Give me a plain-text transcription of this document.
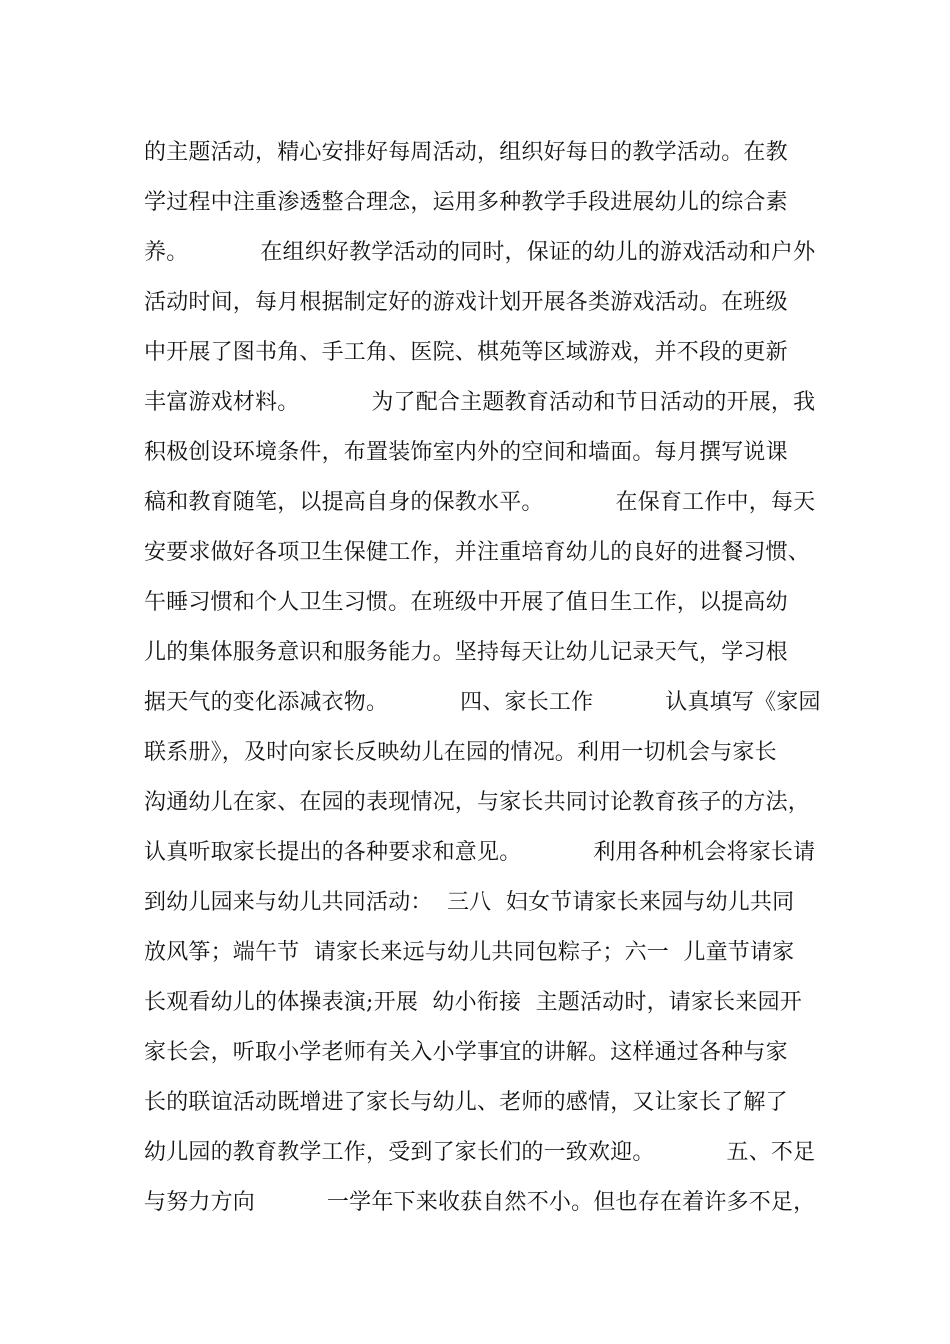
的主题活动，精心安排好每周活动，组织好每日的教学活动。在教
学过程中注重渗透整合理念，运用多种教学手段进展幼儿的综合素
养。          在组织好教学活动的同时，保证的幼儿的游戏活动和户外
活动时间，每月根据制定好的游戏计划开展各类游戏活动。在班级
中开展了图书角、手工角、医院、棋苑等区域游戏，并不段的更新
丰富游戏材料。          为了配合主题教育活动和节日活动的开展，我
积极创设环境条件，布置装饰室内外的空间和墙面。每月撰写说课
稿和教育随笔，以提高自身的保教水平。          在保育工作中，每天
安要求做好各项卫生保健工作，并注重培育幼儿的良好的进餐习惯、
午睡习惯和个人卫生习惯。在班级中开展了值日生工作，以提高幼
儿的集体服务意识和服务能力。坚持每天让幼儿记录天气，学习根
据天气的变化添减衣物。          四、家长工作          认真填写《家园
联系册》，及时向家长反映幼儿在园的情况。利用一切机会与家长
沟通幼儿在家、在园的表现情况，与家长共同讨论教育孩子的方法，
认真听取家长提出的各种要求和意见。          利用各种机会将家长请
到幼儿园来与幼儿共同活动：  三八  妇女节请家长来园与幼儿共同
放风筝；端午节  请家长来远与幼儿共同包粽子；六一  儿童节请家
长观看幼儿的体操表演;开展  幼小衔接  主题活动时，请家长来园开
家长会，听取小学老师有关入小学事宜的讲解。这样通过各种与家
长的联谊活动既增进了家长与幼儿、老师的感情，又让家长了解了
幼儿园的教育教学工作，受到了家长们的一致欢迎。          五、不足
与努力方向          一学年下来收获自然不小。但也存在着许多不足，
